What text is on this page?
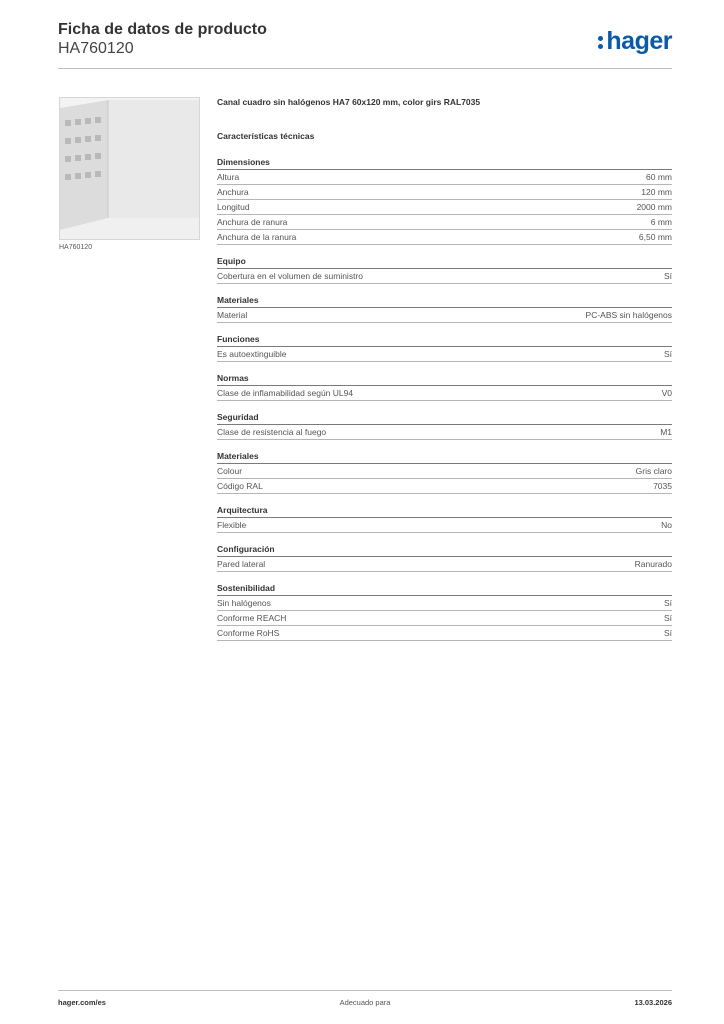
Ficha de datos de producto
HA760120	hager
HA760120
Canal cuadro sin halógenos HA7 60x120 mm, color girs RAL7035
Características técnicas
Dimensiones
Altura	60 mm
Anchura	120 mm
Longitud	2000 mm
Anchura de ranura	6 mm
Anchura de la ranura	6,50 mm
Equipo
Cobertura en el volumen de suministro	Sí
Materiales
Material	PC-ABS sin halógenos
Funciones
Es autoextinguible	Sí
Normas
Clase de inflamabilidad según UL94	V0
Seguridad
Clase de resistencia al fuego	M1
Materiales
Colour	Gris claro
Código RAL	7035
Arquitectura
Flexible	No
Configuración
Pared lateral	Ranurado
Sostenibilidad
Sin halógenos	Sí
Conforme REACH	Sí
Conforme RoHS	Sí
hager.com/es	Adecuado para	13.03.2026
